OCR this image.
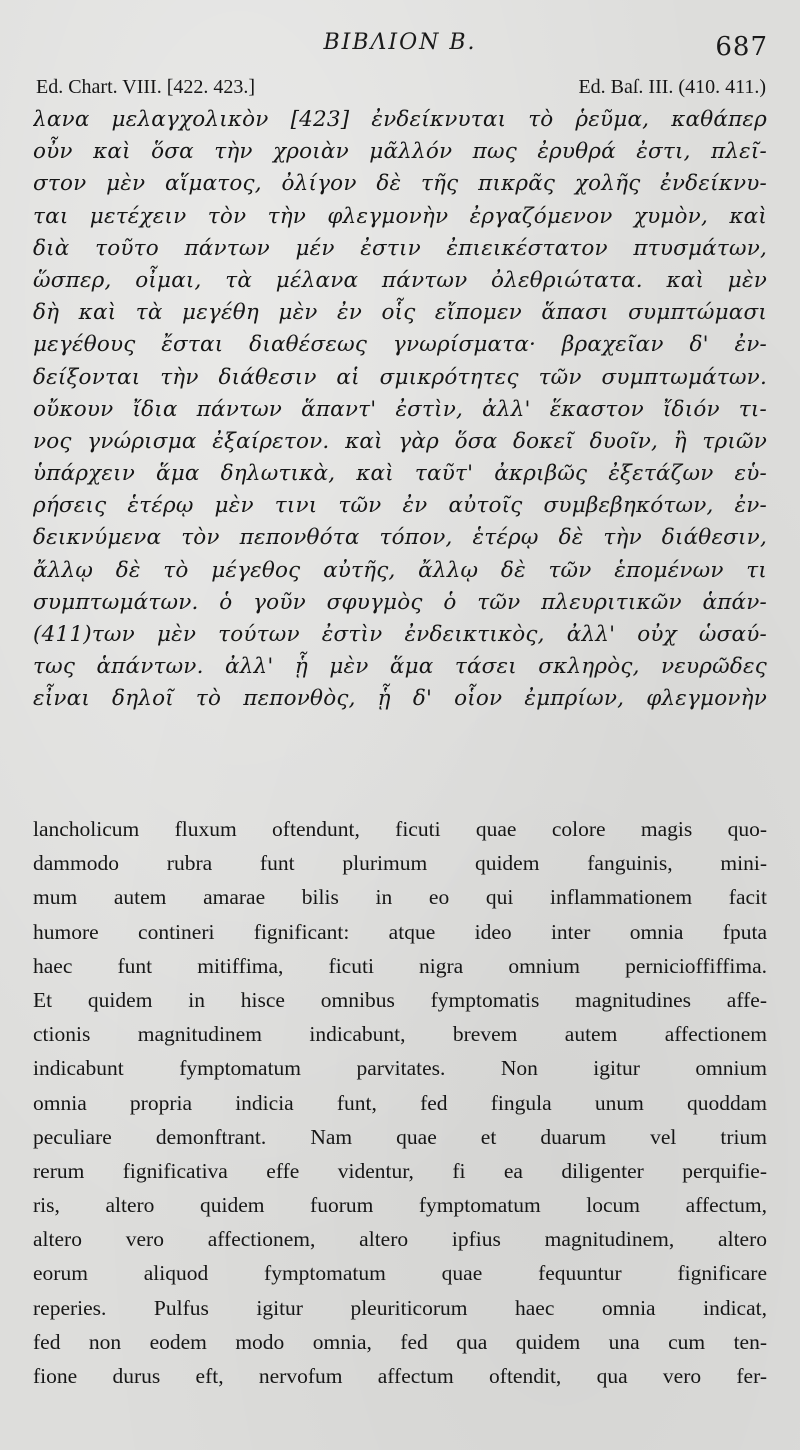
ΒΙΒΛΙΟΝ Β.	687
Ed. Chart. VIII. [422. 423.]	Ed. Baſ. III. (410. 411.)
λανα μελαγχολικὸν [423] ἐνδείκνυται τὸ ῥεῦμα, καθάπερ
οὖν καὶ ὅσα τὴν χροιὰν μᾶλλόν πως ἐρυθρά ἐστι, πλεῖ-
στον μὲν αἵματος, ὀλίγον δὲ τῆς πικρᾶς χολῆς ἐνδείκνυ-
ται μετέχειν τὸν τὴν φλεγμονὴν ἐργαζόμενον χυμὸν, καὶ
διὰ τοῦτο πάντων μέν ἐστιν ἐπιεικέστατον πτυσμάτων,
ὥσπερ, οἶμαι, τὰ μέλανα πάντων ὀλεθριώτατα. καὶ μὲν
δὴ καὶ τὰ μεγέθη μὲν ἐν οἷς εἴπομεν ἅπασι συμπτώμασι
μεγέθους ἔσται διαθέσεως γνωρίσματα· βραχεῖαν δ' ἐν-
δείξονται τὴν διάθεσιν αἱ σμικρότητες τῶν συμπτωμάτων.
οὔκουν ἴδια πάντων ἅπαντ' ἐστὶν, ἀλλ' ἕκαστον ἴδιόν τι-
νος γνώρισμα ἐξαίρετον. καὶ γὰρ ὅσα δοκεῖ δυοῖν, ἢ τριῶν
ὑπάρχειν ἅμα δηλωτικὰ, καὶ ταῦτ' ἀκριβῶς ἐξετάζων εὑ-
ρήσεις ἑτέρῳ μὲν τινι τῶν ἐν αὐτοῖς συμβεβηκότων, ἐν-
δεικνύμενα τὸν πεπονθότα τόπον, ἑτέρῳ δὲ τὴν διάθεσιν,
ἄλλῳ δὲ τὸ μέγεθος αὐτῆς, ἄλλῳ δὲ τῶν ἑπομένων τι
συμπτωμάτων. ὁ γοῦν σφυγμὸς ὁ τῶν πλευριτικῶν ἁπάν-
(411)των μὲν τούτων ἐστὶν ἐνδεικτικὸς, ἀλλ' οὐχ ὡσαύ-
τως ἁπάντων. ἀλλ' ᾗ μὲν ἅμα τάσει σκληρὸς, νευρῶδες
εἶναι δηλοῖ τὸ πεπονθὸς, ᾗ δ' οἷον ἐμπρίων, φλεγμονὴν
lancholicum fluxum oftendunt, ficuti quae colore magis quo-
dammodo rubra funt plurimum quidem fanguinis, mini-
mum autem amarae bilis in eo qui inflammationem facit
humore contineri fignificant: atque ideo inter omnia fputa
haec funt mitiffima, ficuti nigra omnium pernicioffiffima.
Et quidem in hisce omnibus fymptomatis magnitudines affe-
ctionis magnitudinem indicabunt, brevem autem affectionem
indicabunt fymptomatum parvitates. Non igitur omnium
omnia propria indicia funt, fed fingula unum quoddam
peculiare demonftrant. Nam quae et duarum vel trium
rerum fignificativa effe videntur, fi ea diligenter perquifie-
ris, altero quidem fuorum fymptomatum locum affectum,
altero vero affectionem, altero ipfius magnitudinem, altero
eorum aliquod fymptomatum quae fequuntur fignificare
reperies. Pulfus igitur pleuriticorum haec omnia indicat,
fed non eodem modo omnia, fed qua quidem una cum ten-
fione durus eft, nervofum affectum oftendit, qua vero fer-
